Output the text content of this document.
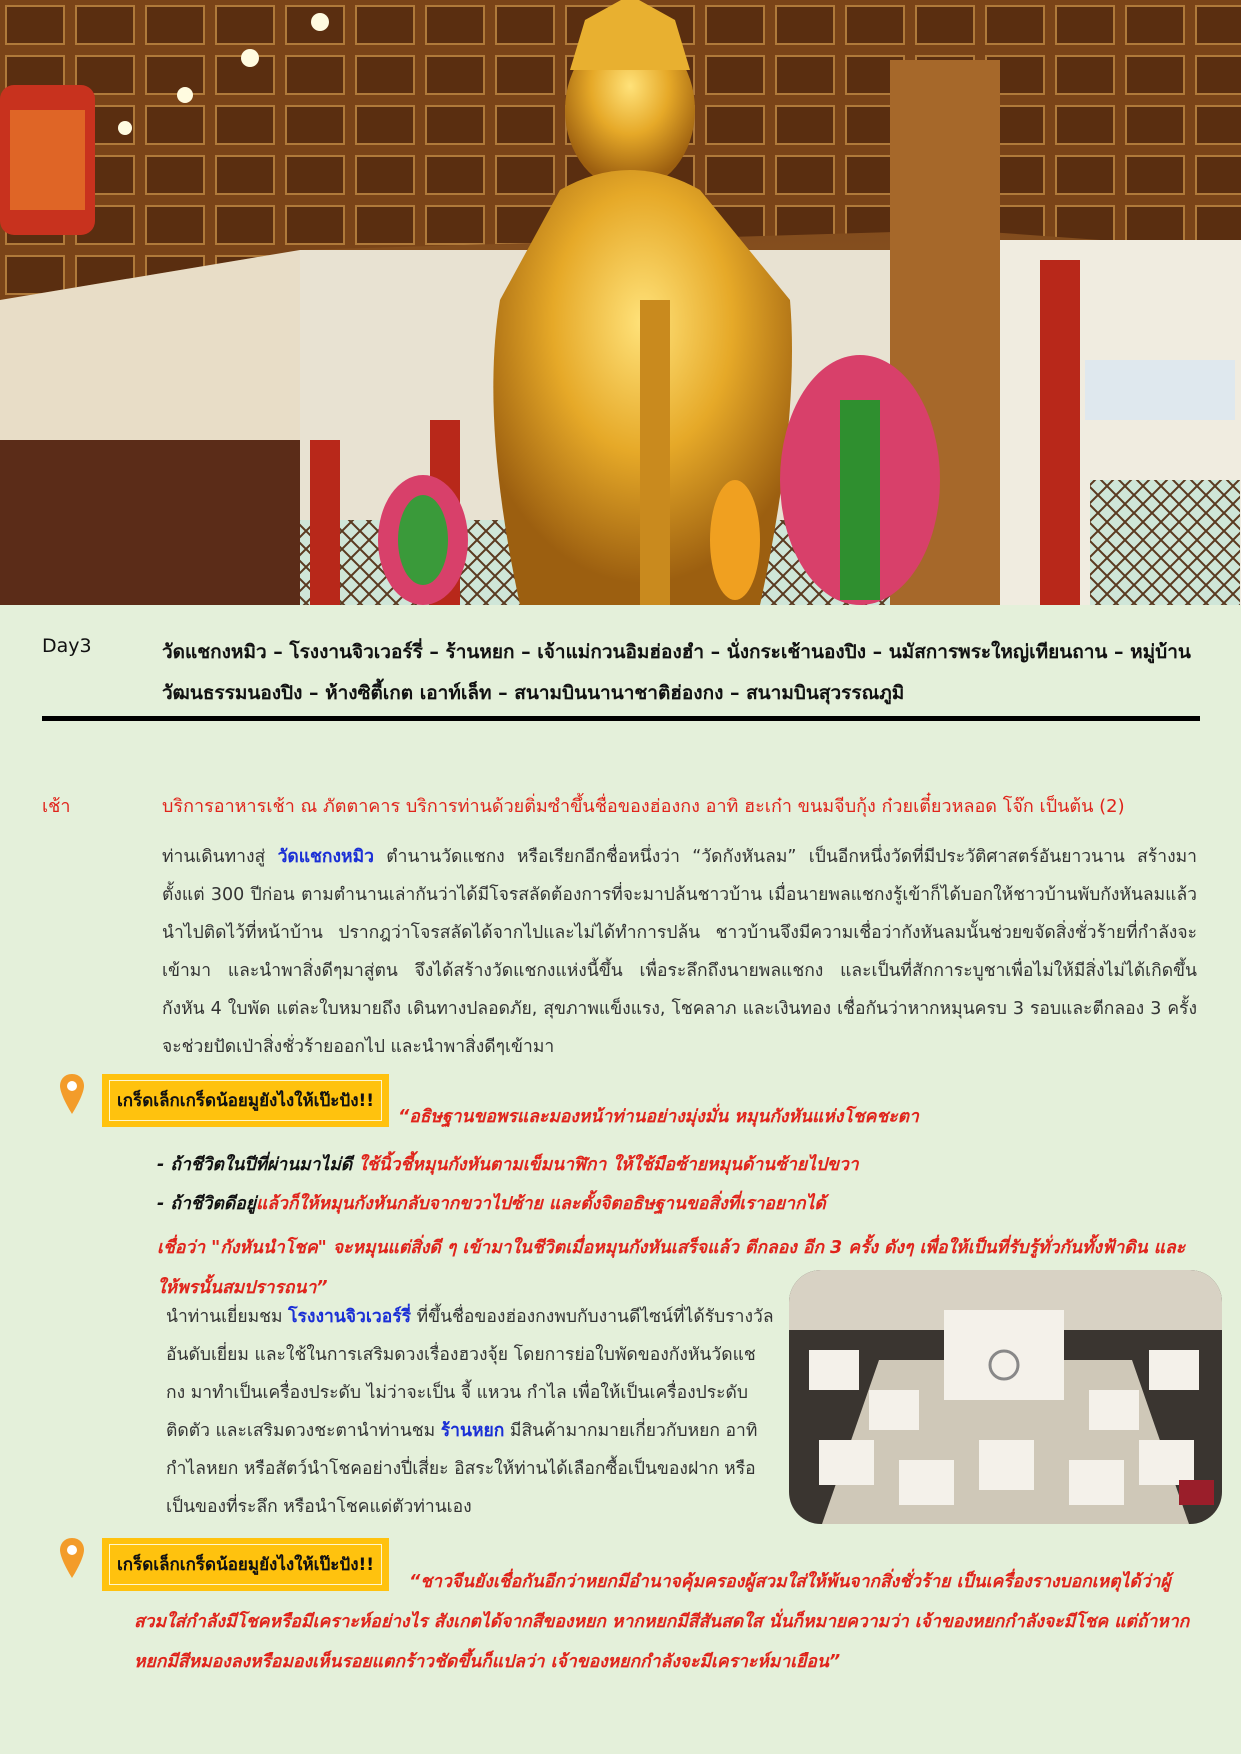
Day3	วัดแชกงหมิว – โรงงานจิวเวอร์รี่ – ร้านหยก – เจ้าแม่กวนอิมฮ่องฮำ – นั่งกระเช้านองปิง – นมัสการพระใหญ่เทียนถาน – หมู่บ้านวัฒนธรรมนองปิง – ห้างซิตี้เกต เอาท์เล็ท – สนามบินนานาชาติฮ่องกง – สนามบินสุวรรณภูมิ
เช้า	บริการอาหารเช้า ณ ภัตตาคาร บริการท่านด้วยติ่มซำขึ้นชื่อของฮ่องกง อาทิ ฮะเก๋า ขนมจีบกุ้ง ก๋วยเตี๋ยวหลอด โจ๊ก เป็นต้น (2)
ท่านเดินทางสู่ วัดแชกงหมิว ตำนานวัดแชกง หรือเรียกอีกชื่อหนึ่งว่า “วัดกังหันลม” เป็นอีกหนึ่งวัดที่มีประวัติศาสตร์อันยาวนาน สร้างมาตั้งแต่ 300 ปีก่อน ตามตำนานเล่ากันว่าได้มีโจรสลัดต้องการที่จะมาปล้นชาวบ้าน เมื่อนายพลแชกงรู้เข้าก็ได้บอกให้ชาวบ้านพับกังหันลมแล้วนำไปติดไว้ที่หน้าบ้าน ปรากฎว่าโจรสลัดได้จากไปและไม่ได้ทำการปล้น ชาวบ้านจึงมีความเชื่อว่ากังหันลมนั้นช่วยขจัดสิ่งชั่วร้ายที่กำลังจะเข้ามา และนำพาสิ่งดีๆมาสู่ตน จึงได้สร้างวัดแชกงแห่งนี้ขึ้น เพื่อระลึกถึงนายพลแชกง และเป็นที่สักการะบูชาเพื่อไม่ให้มีสิ่งไม่ได้เกิดขึ้น กังหัน 4 ใบพัด แต่ละใบหมายถึง เดินทางปลอดภัย, สุขภาพแข็งแรง, โชคลาภ และเงินทอง เชื่อกันว่าหากหมุนครบ 3 รอบและตีกลอง 3 ครั้ง จะช่วยปัดเป่าสิ่งชั่วร้ายออกไป และนำพาสิ่งดีๆเข้ามา
เกร็ดเล็กเกร็ดน้อยมูยังไงให้เป๊ะปัง!!
“อธิษฐานขอพรและมองหน้าท่านอย่างมุ่งมั่น หมุนกังหันแห่งโชคชะตา
- ถ้าชีวิตในปีที่ผ่านมาไม่ดี ใช้นิ้วชี้หมุนกังหันตามเข็มนาฬิกา ให้ใช้มือซ้ายหมุนด้านซ้ายไปขวา
- ถ้าชีวิตดีอยู่แล้วก็ให้หมุนกังหันกลับจากขวาไปซ้าย และตั้งจิตอธิษฐานขอสิ่งที่เราอยากได้
เชื่อว่า "กังหันนำโชค" จะหมุนแต่สิ่งดี ๆ เข้ามาในชีวิตเมื่อหมุนกังหันเสร็จแล้ว ตีกลอง อีก 3 ครั้ง ดังๆ เพื่อให้เป็นที่รับรู้ทั่วกันทั้งฟ้าดิน และให้พรนั้นสมปรารถนา”
นำท่านเยี่ยมชม โรงงานจิวเวอร์รี่ ที่ขึ้นชื่อของฮ่องกงพบกับงานดีไซน์ที่ได้รับรางวัลอันดับเยี่ยม และใช้ในการเสริมดวงเรื่องฮวงจุ้ย โดยการย่อใบพัดของกังหันวัดแชกง มาทำเป็นเครื่องประดับ ไม่ว่าจะเป็น จี้ แหวน กำไล เพื่อให้เป็นเครื่องประดับติดตัว และเสริมดวงชะตานำท่านชม ร้านหยก มีสินค้ามากมายเกี่ยวกับหยก อาทิ กำไลหยก หรือสัตว์นำโชคอย่างปี่เสี่ยะ อิสระให้ท่านได้เลือกซื้อเป็นของฝาก หรือเป็นของที่ระลึก หรือนำโชคแด่ตัวท่านเอง
“ชาวจีนยังเชื่อกันอีกว่าหยกมีอำนาจคุ้มครองผู้สวมใส่ให้พ้นจากสิ่งชั่วร้าย เป็นเครื่องรางบอกเหตุได้ว่าผู้สวมใส่กำลังมีโชคหรือมีเคราะห์อย่างไร สังเกตได้จากสีของหยก หากหยกมีสีสันสดใส นั่นก็หมายความว่า เจ้าของหยกกำลังจะมีโชค แต่ถ้าหากหยกมีสีหมองลงหรือมองเห็นรอยแตกร้าวชัดขึ้นก็แปลว่า เจ้าของหยกกำลังจะมีเคราะห์มาเยือน”
เกร็ดเล็กเกร็ดน้อยมูยังไงให้เป๊ะปัง!!
